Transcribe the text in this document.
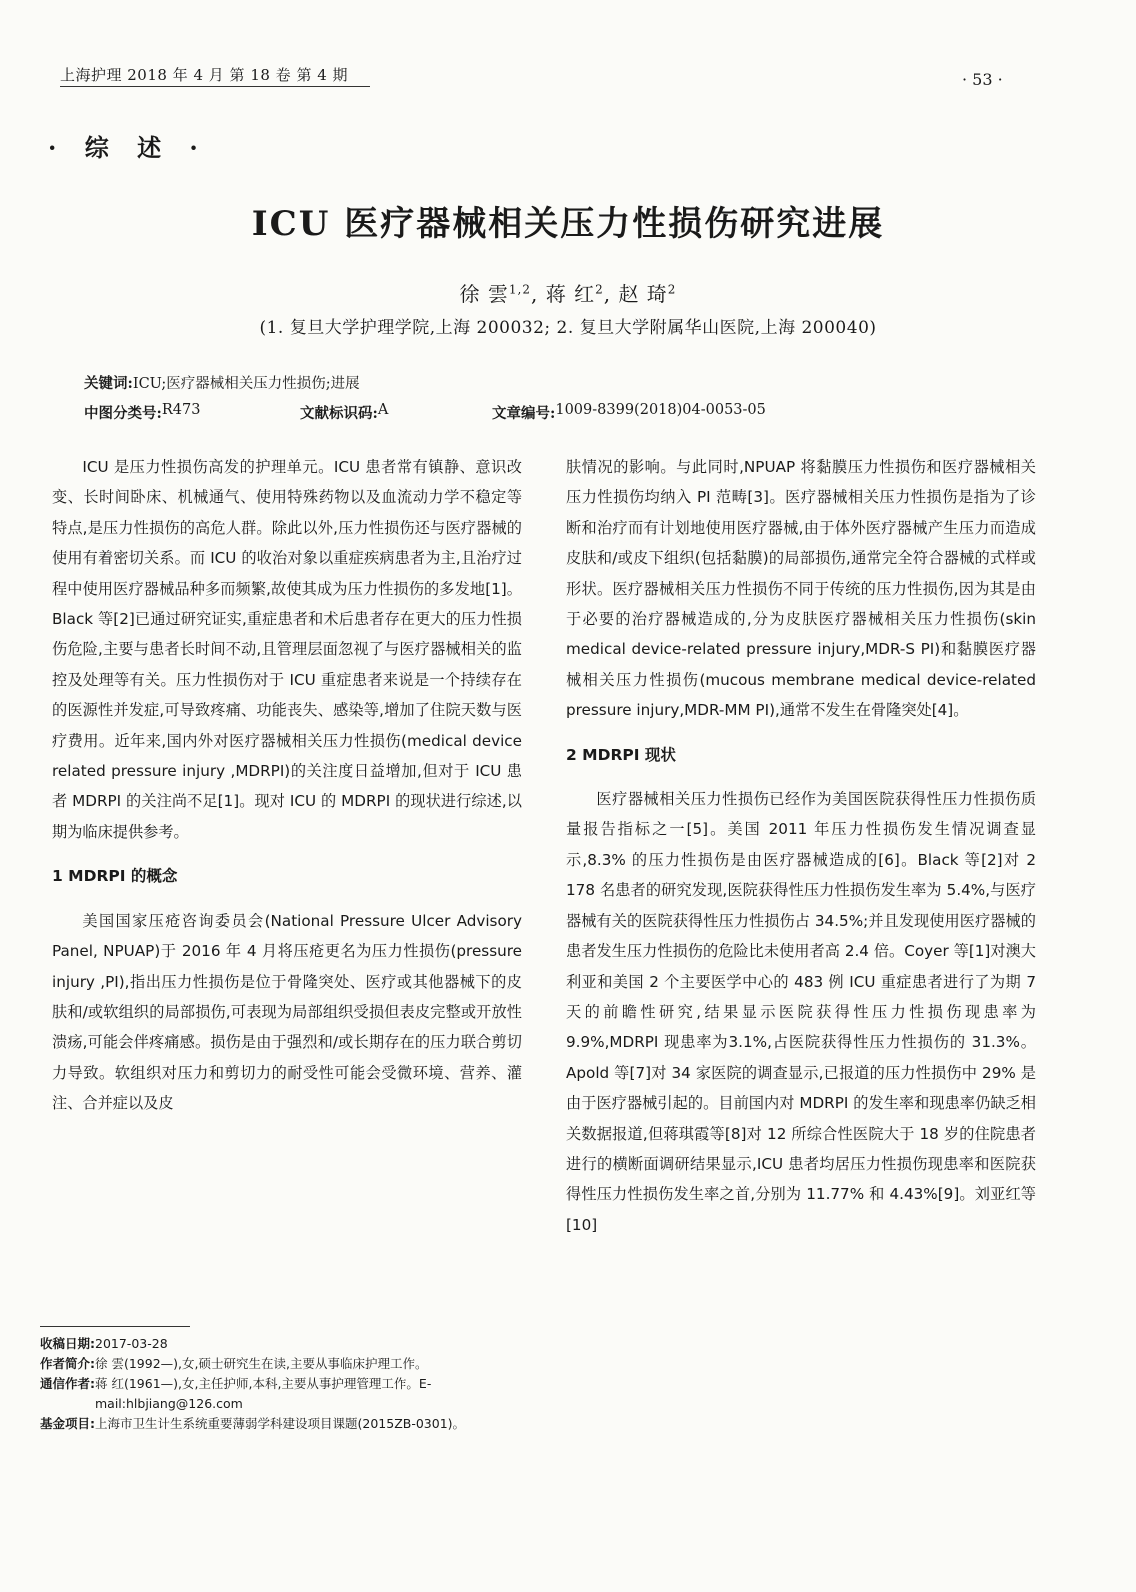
上海护理 2018 年 4 月 第 18 卷 第 4 期	· 53 ·
· 综 述 ·
ICU 医疗器械相关压力性损伤研究进展
徐 雲$^{1,2}$, 蒋 红$^2$, 赵 琦$^2$
(1. 复旦大学护理学院,上海 200032; 2. 复旦大学附属华山医院,上海 200040)
关键词:ICU;医疗器械相关压力性损伤;进展
中图分类号: R473	文献标识码: A	文章编号: 1009-8399(2018)04-0053-05

ICU 是压力性损伤高发的护理单元。ICU 患者常有镇静、意识改变、长时间卧床、机械通气、使用特殊药物以及血流动力学不稳定等特点,是压力性损伤的高危人群。除此以外,压力性损伤还与医疗器械的使用有着密切关系。而 ICU 的收治对象以重症疾病患者为主,且治疗过程中使用医疗器械品种多而频繁,故使其成为压力性损伤的多发地[1]。Black 等[2]已通过研究证实,重症患者和术后患者存在更大的压力性损伤危险,主要与患者长时间不动,且管理层面忽视了与医疗器械相关的监控及处理等有关。压力性损伤对于 ICU 重症患者来说是一个持续存在的医源性并发症,可导致疼痛、功能丧失、感染等,增加了住院天数与医疗费用。近年来,国内外对医疗器械相关压力性损伤(medical device related pressure injury ,MDRPI)的关注度日益增加,但对于 ICU 患者 MDRPI 的关注尚不足[1]。现对 ICU 的 MDRPI 的现状进行综述,以期为临床提供参考。

1 MDRPI 的概念

美国国家压疮咨询委员会(National Pressure Ulcer Advisory Panel, NPUAP)于 2016 年 4 月将压疮更名为压力性损伤(pressure injury ,PI),指出压力性损伤是位于骨隆突处、医疗或其他器械下的皮肤和/或软组织的局部损伤,可表现为局部组织受损但表皮完整或开放性溃疡,可能会伴疼痛感。损伤是由于强烈和/或长期存在的压力联合剪切力导致。软组织对压力和剪切力的耐受性可能会受微环境、营养、灌注、合并症以及皮

肤情况的影响。与此同时,NPUAP 将黏膜压力性损伤和医疗器械相关压力性损伤均纳入 PI 范畴[3]。医疗器械相关压力性损伤是指为了诊断和治疗而有计划地使用医疗器械,由于体外医疗器械产生压力而造成皮肤和/或皮下组织(包括黏膜)的局部损伤,通常完全符合器械的式样或形状。医疗器械相关压力性损伤不同于传统的压力性损伤,因为其是由于必要的治疗器械造成的,分为皮肤医疗器械相关压力性损伤(skin medical device-related pressure injury,MDR-S PI)和黏膜医疗器械相关压力性损伤(mucous membrane medical device-related pressure injury,MDR-MM PI),通常不发生在骨隆突处[4]。

2 MDRPI 现状

医疗器械相关压力性损伤已经作为美国医院获得性压力性损伤质量报告指标之一[5]。美国 2011 年压力性损伤发生情况调查显示,8.3% 的压力性损伤是由医疗器械造成的[6]。Black 等[2]对 2 178 名患者的研究发现,医院获得性压力性损伤发生率为 5.4%,与医疗器械有关的医院获得性压力性损伤占 34.5%;并且发现使用医疗器械的患者发生压力性损伤的危险比未使用者高 2.4 倍。Coyer 等[1]对澳大利亚和美国 2 个主要医学中心的 483 例 ICU 重症患者进行了为期 7 天的前瞻性研究,结果显示医院获得性压力性损伤现患率为 9.9%,MDRPI 现患率为3.1%,占医院获得性压力性损伤的 31.3%。Apold 等[7]对 34 家医院的调查显示,已报道的压力性损伤中 29% 是由于医疗器械引起的。目前国内对 MDRPI 的发生率和现患率仍缺乏相关数据报道,但蒋琪霞等[8]对 12 所综合性医院大于 18 岁的住院患者进行的横断面调研结果显示,ICU 患者均居压力性损伤现患率和医院获得性压力性损伤发生率之首,分别为 11.77% 和 4.43%[9]。刘亚红等[10]

收稿日期: 2017-03-28
作者简介: 徐 雲(1992—),女,硕士研究生在读,主要从事临床护理工作。
通信作者: 蒋 红(1961—),女,主任护师,本科,主要从事护理管理工作。E-mail:hlbjiang@126.com
基金项目: 上海市卫生计生系统重要薄弱学科建设项目课题(2015ZB-0301)。
